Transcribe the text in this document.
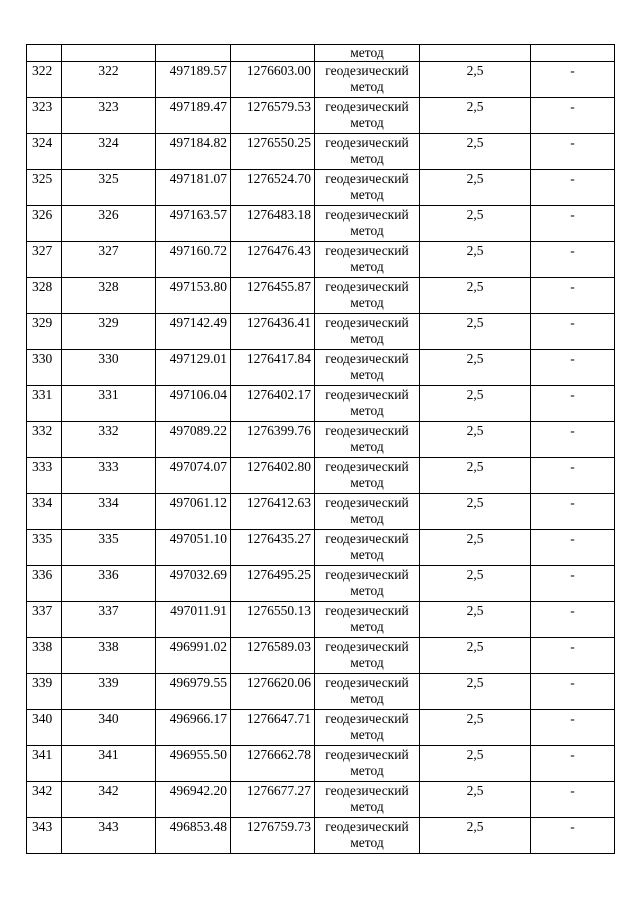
				метод		
322	322	497189.57	1276603.00	геодезический
метод	2,5	-
323	323	497189.47	1276579.53	геодезический
метод	2,5	-
324	324	497184.82	1276550.25	геодезический
метод	2,5	-
325	325	497181.07	1276524.70	геодезический
метод	2,5	-
326	326	497163.57	1276483.18	геодезический
метод	2,5	-
327	327	497160.72	1276476.43	геодезический
метод	2,5	-
328	328	497153.80	1276455.87	геодезический
метод	2,5	-
329	329	497142.49	1276436.41	геодезический
метод	2,5	-
330	330	497129.01	1276417.84	геодезический
метод	2,5	-
331	331	497106.04	1276402.17	геодезический
метод	2,5	-
332	332	497089.22	1276399.76	геодезический
метод	2,5	-
333	333	497074.07	1276402.80	геодезический
метод	2,5	-
334	334	497061.12	1276412.63	геодезический
метод	2,5	-
335	335	497051.10	1276435.27	геодезический
метод	2,5	-
336	336	497032.69	1276495.25	геодезический
метод	2,5	-
337	337	497011.91	1276550.13	геодезический
метод	2,5	-
338	338	496991.02	1276589.03	геодезический
метод	2,5	-
339	339	496979.55	1276620.06	геодезический
метод	2,5	-
340	340	496966.17	1276647.71	геодезический
метод	2,5	-
341	341	496955.50	1276662.78	геодезический
метод	2,5	-
342	342	496942.20	1276677.27	геодезический
метод	2,5	-
343	343	496853.48	1276759.73	геодезический
метод	2,5	-
